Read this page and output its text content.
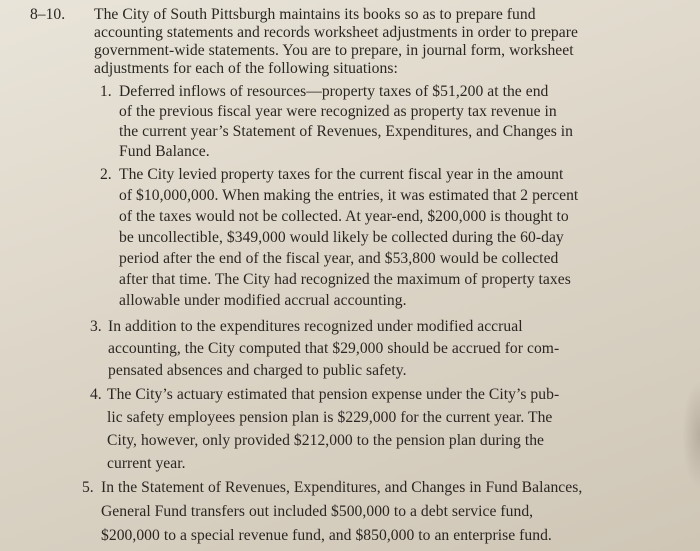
8–10. The City of South Pittsburgh maintains its books so as to prepare fund
accounting statements and records worksheet adjustments in order to prepare
government-wide statements. You are to prepare, in journal form, worksheet
adjustments for each of the following situations:
1. Deferred inflows of resources—property taxes of $51,200 at the end
of the previous fiscal year were recognized as property tax revenue in
the current year’s Statement of Revenues, Expenditures, and Changes in
Fund Balance.
2. The City levied property taxes for the current fiscal year in the amount
of $10,000,000. When making the entries, it was estimated that 2 percent
of the taxes would not be collected. At year-end, $200,000 is thought to
be uncollectible, $349,000 would likely be collected during the 60-day
period after the end of the fiscal year, and $53,800 would be collected
after that time. The City had recognized the maximum of property taxes
allowable under modified accrual accounting.
3. In addition to the expenditures recognized under modified accrual
accounting, the City computed that $29,000 should be accrued for com-
pensated absences and charged to public safety.
4. The City’s actuary estimated that pension expense under the City’s pub-
lic safety employees pension plan is $229,000 for the current year. The
City, however, only provided $212,000 to the pension plan during the
current year.
5. In the Statement of Revenues, Expenditures, and Changes in Fund Balances,
General Fund transfers out included $500,000 to a debt service fund,
$200,000 to a special revenue fund, and $850,000 to an enterprise fund.
